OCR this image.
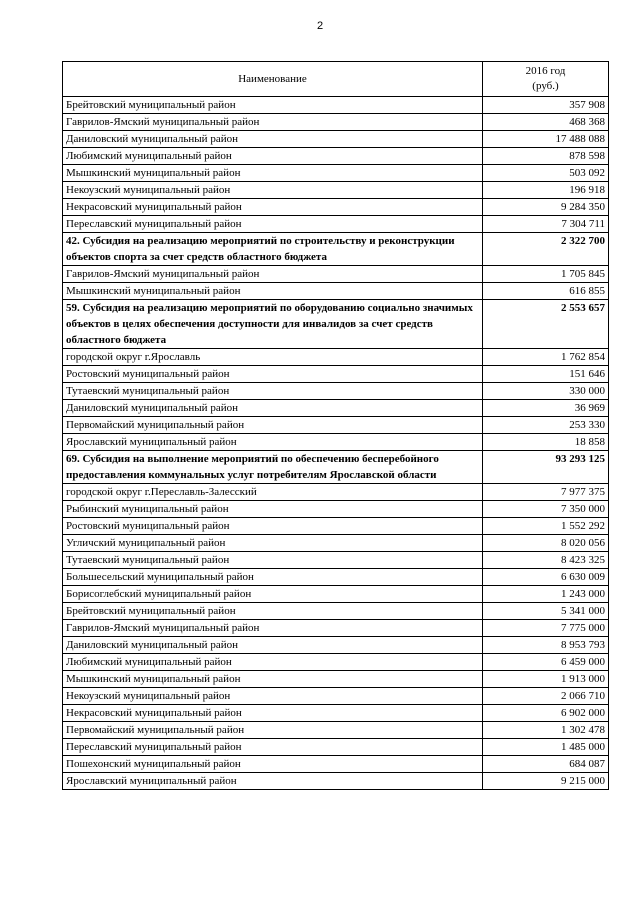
2
Наименование	2016 год
(руб.)

Брейтовский муниципальный район	357 908
Гаврилов-Ямский муниципальный район	468 368
Даниловский муниципальный район	17 488 088
Любимский муниципальный район	878 598
Мышкинский муниципальный район	503 092
Некоузский муниципальный район	196 918
Некрасовский муниципальный район	9 284 350
Переславский муниципальный район	7 304 711
42. Субсидия на реализацию мероприятий по строительству и реконструкции объектов спорта за счет средств областного бюджета	2 322 700
Гаврилов-Ямский муниципальный район	1 705 845
Мышкинский муниципальный район	616 855
59. Субсидия на реализацию мероприятий по оборудованию социально значимых объектов в целях обеспечения доступности для инвалидов за счет средств областного бюджета	2 553 657
городской округ г.Ярославль	1 762 854
Ростовский муниципальный район	151 646
Тутаевский муниципальный район	330 000
Даниловский муниципальный район	36 969
Первомайский муниципальный район	253 330
Ярославский муниципальный район	18 858
69. Субсидия на выполнение мероприятий по обеспечению бесперебойного предоставления коммунальных услуг потребителям Ярославской области	93 293 125
городской округ г.Переславль-Залесский	7 977 375
Рыбинский муниципальный район	7 350 000
Ростовский муниципальный район	1 552 292
Угличский муниципальный район	8 020 056
Тутаевский муниципальный район	8 423 325
Большесельский муниципальный район	6 630 009
Борисоглебский муниципальный район	1 243 000
Брейтовский муниципальный район	5 341 000
Гаврилов-Ямский муниципальный район	7 775 000
Даниловский муниципальный район	8 953 793
Любимский муниципальный район	6 459 000
Мышкинский муниципальный район	1 913 000
Некоузский муниципальный район	2 066 710
Некрасовский муниципальный район	6 902 000
Первомайский муниципальный район	1 302 478
Переславский муниципальный район	1 485 000
Пошехонский муниципальный район	684 087
Ярославский муниципальный район	9 215 000
